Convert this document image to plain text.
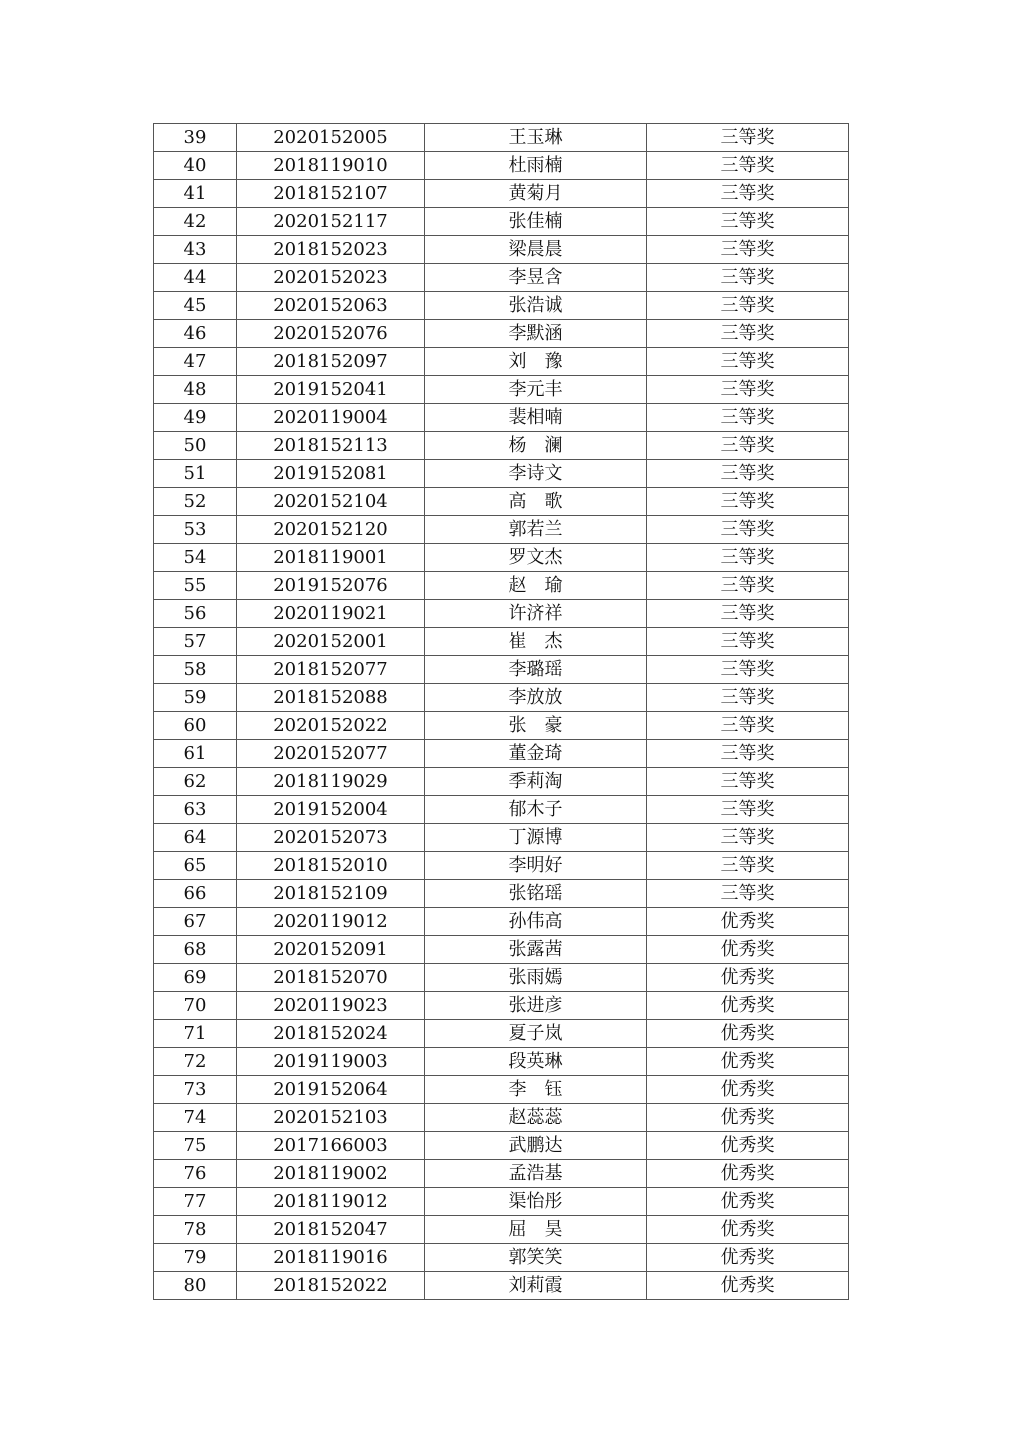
39	2020152005	王玉琳	三等奖
40	2018119010	杜雨楠	三等奖
41	2018152107	黄菊月	三等奖
42	2020152117	张佳楠	三等奖
43	2018152023	梁晨晨	三等奖
44	2020152023	李昱含	三等奖
45	2020152063	张浩诚	三等奖
46	2020152076	李默涵	三等奖
47	2018152097	刘　豫	三等奖
48	2019152041	李元丰	三等奖
49	2020119004	裴相喃	三等奖
50	2018152113	杨　澜	三等奖
51	2019152081	李诗文	三等奖
52	2020152104	高　歌	三等奖
53	2020152120	郭若兰	三等奖
54	2018119001	罗文杰	三等奖
55	2019152076	赵　瑜	三等奖
56	2020119021	许济祥	三等奖
57	2020152001	崔　杰	三等奖
58	2018152077	李璐瑶	三等奖
59	2018152088	李放放	三等奖
60	2020152022	张　豪	三等奖
61	2020152077	董金琦	三等奖
62	2018119029	季莉淘	三等奖
63	2019152004	郁木子	三等奖
64	2020152073	丁源博	三等奖
65	2018152010	李明好	三等奖
66	2018152109	张铭瑶	三等奖
67	2020119012	孙伟高	优秀奖
68	2020152091	张露茜	优秀奖
69	2018152070	张雨嫣	优秀奖
70	2020119023	张进彦	优秀奖
71	2018152024	夏子岚	优秀奖
72	2019119003	段英琳	优秀奖
73	2019152064	李　钰	优秀奖
74	2020152103	赵蕊蕊	优秀奖
75	2017166003	武鹏达	优秀奖
76	2018119002	孟浩基	优秀奖
77	2018119012	渠怡彤	优秀奖
78	2018152047	屈　昊	优秀奖
79	2018119016	郭笑笑	优秀奖
80	2018152022	刘莉霞	优秀奖
